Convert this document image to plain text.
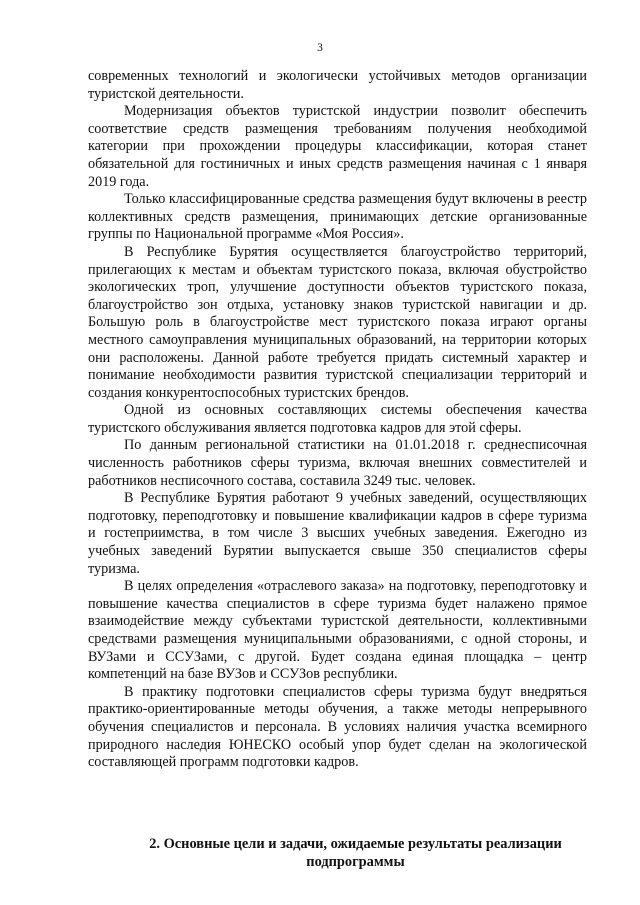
3

современных технологий и экологически устойчивых методов организации туристской деятельности.

Модернизация объектов туристской индустрии позволит обеспечить соответствие средств размещения требованиям получения необходимой категории при прохождении процедуры классификации, которая станет обязательной для гостиничных и иных средств размещения начиная с 1 января 2019 года.

Только классифицированные средства размещения будут включены в реестр коллективных средств размещения, принимающих детские организованные группы по Национальной программе «Моя Россия».

В Республике Бурятия осуществляется благоустройство территорий, прилегающих к местам и объектам туристского показа, включая обустройство экологических троп, улучшение доступности объектов туристского показа, благоустройство зон отдыха, установку знаков туристской навигации и др. Большую роль в благоустройстве мест туристского показа играют органы местного самоуправления муниципальных образований, на территории которых они расположены. Данной работе требуется придать системный характер и понимание необходимости развития туристской специализации территорий и создания конкурентоспособных туристских брендов.

Одной из основных составляющих системы обеспечения качества туристского обслуживания является подготовка кадров для этой сферы.

По данным региональной статистики на 01.01.2018 г. среднесписочная численность работников сферы туризма, включая внешних совместителей и работников несписочного состава, составила 3249 тыс. человек.

В Республике Бурятия работают 9 учебных заведений, осуществляющих подготовку, переподготовку и повышение квалификации кадров в сфере туризма и гостеприимства, в том числе 3 высших учебных заведения. Ежегодно из учебных заведений Бурятии выпускается свыше 350 специалистов сферы туризма.

В целях определения «отраслевого заказа» на подготовку, переподготовку и повышение качества специалистов в сфере туризма будет налажено прямое взаимодействие между субъектами туристской деятельности, коллективными средствами размещения муниципальными образованиями, с одной стороны, и ВУЗами и ССУЗами, с другой. Будет создана единая площадка – центр компетенций на базе ВУЗов и ССУЗов республики.

В практику подготовки специалистов сферы туризма будут внедряться практико-ориентированные методы обучения, а также методы непрерывного обучения специалистов и персонала. В условиях наличия участка всемирного природного наследия ЮНЕСКО особый упор будет сделан на экологической составляющей программ подготовки кадров.

2. Основные цели и задачи, ожидаемые результаты реализации подпрограммы
